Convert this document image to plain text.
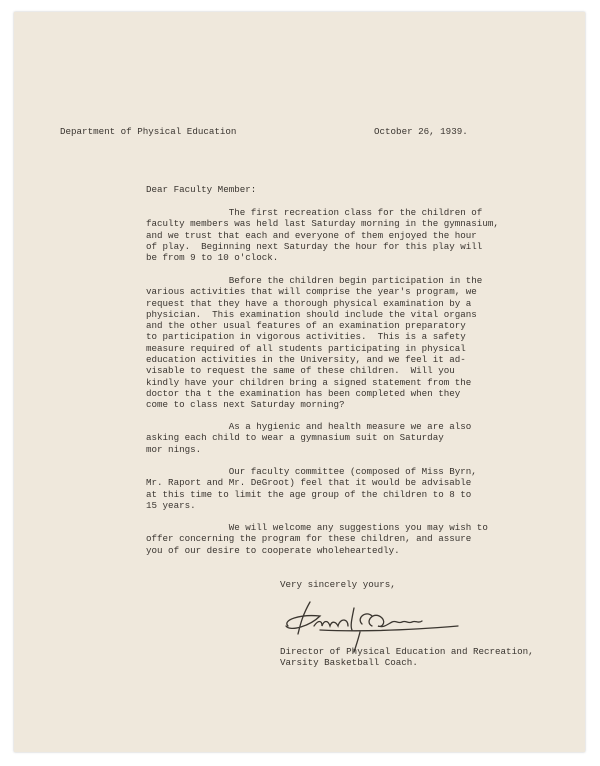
Department of Physical Education	October 26, 1939.
Dear Faculty Member:
The first recreation class for the children of
faculty members was held last Saturday morning in the gymnasium,
and we trust that each and everyone of them enjoyed the hour
of play.  Beginning next Saturday the hour for this play will
be from 9 to 10 o'clock.
Before the children begin participation in the
various activities that will comprise the year's program, we
request that they have a thorough physical examination by a
physician.  This examination should include the vital organs
and the other usual features of an examination preparatory
to participation in vigorous activities.  This is a safety
measure required of all students participating in physical
education activities in the University, and we feel it ad-
visable to request the same of these children.  Will you
kindly have your children bring a signed statement from the
doctor tha t the examination has been completed when they
come to class next Saturday morning?
As a hygienic and health measure we are also
asking each child to wear a gymnasium suit on Saturday
mor nings.
Our faculty committee (composed of Miss Byrn,
Mr. Raport and Mr. DeGroot) feel that it would be advisable
at this time to limit the age group of the children to 8 to
15 years.
We will welcome any suggestions you may wish to
offer concerning the program for these children, and assure
you of our desire to cooperate wholeheartedly.
Very sincerely yours,
Director of Physical Education and Recreation,
Varsity Basketball Coach.
